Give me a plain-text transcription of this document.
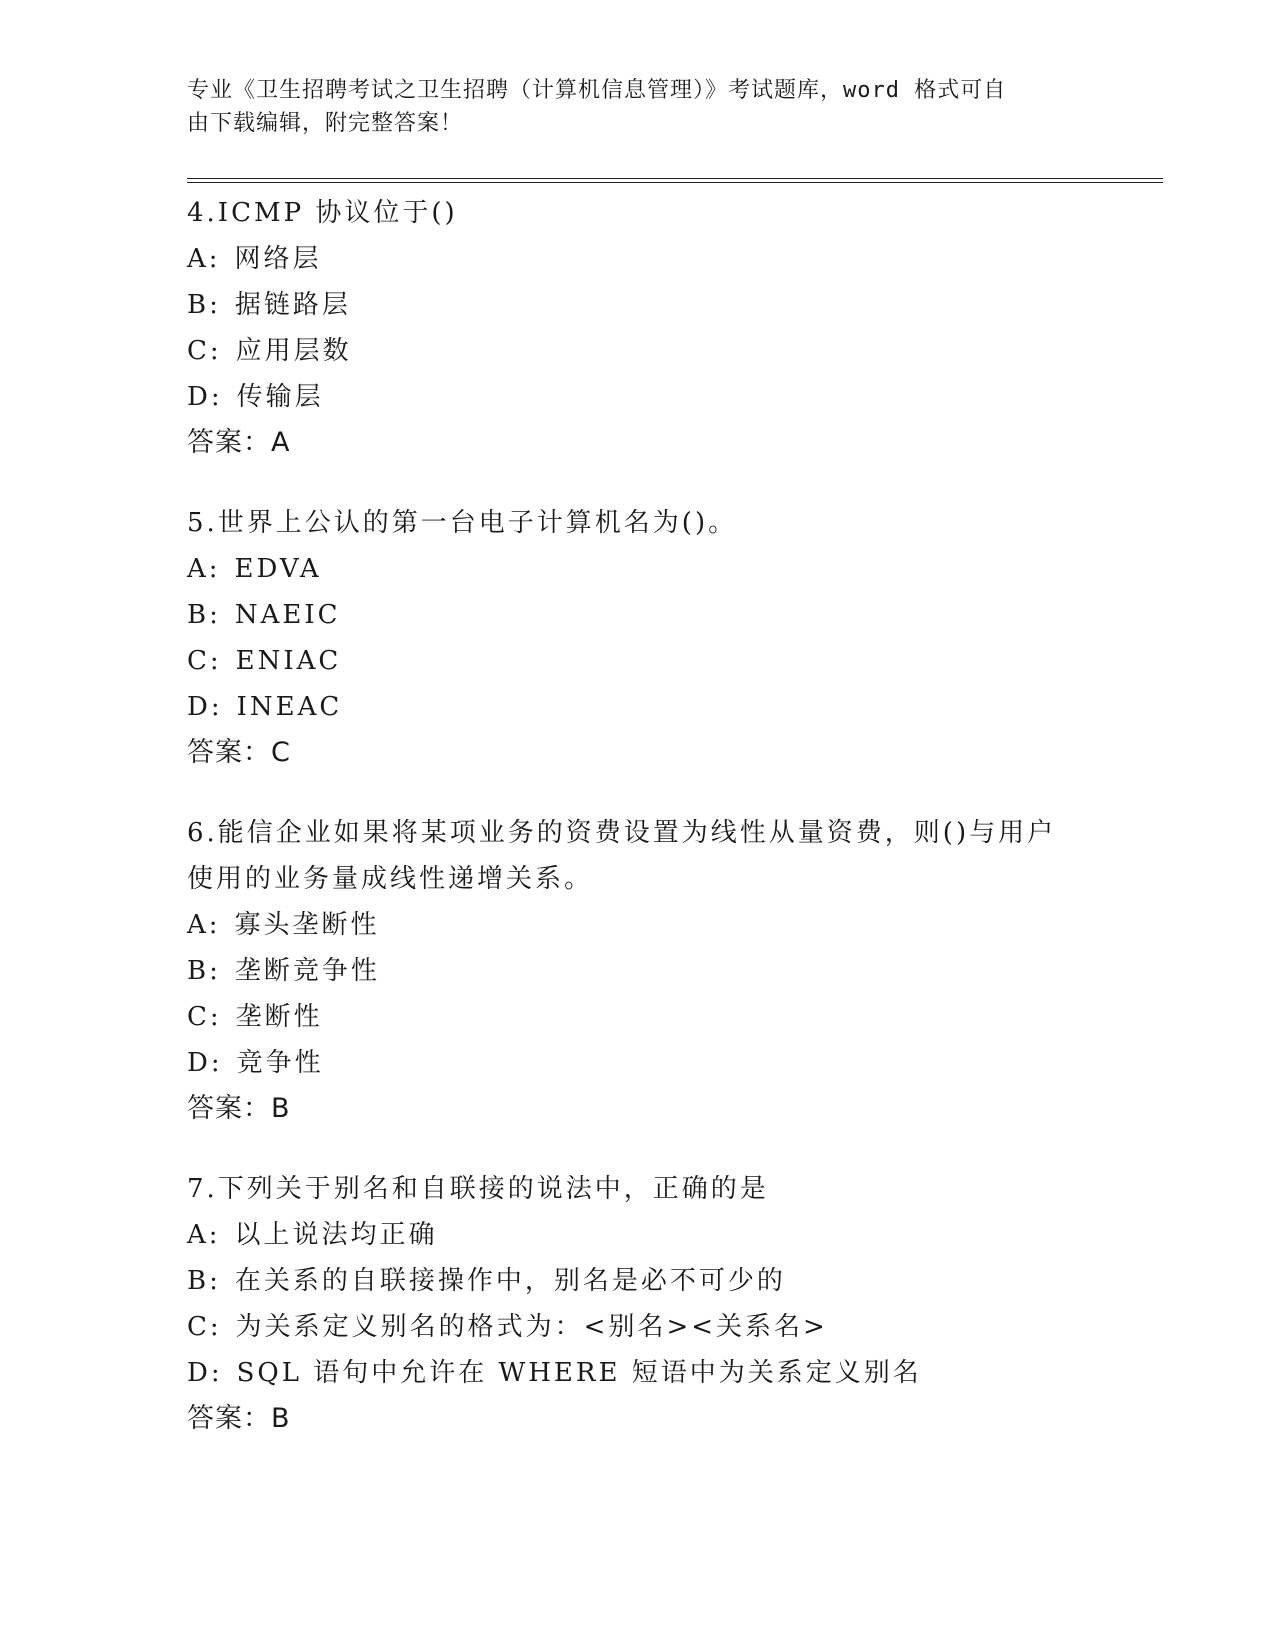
专业《卫生招聘考试之卫生招聘（计算机信息管理）》考试题库，word 格式可自
由下载编辑，附完整答案！
4.ICMP 协议位于()
A: 网络层
B: 据链路层
C: 应用层数
D: 传输层
答案：A
5.世界上公认的第一台电子计算机名为()。
A: EDVA
B: NAEIC
C: ENIAC
D: INEAC
答案：C
6.能信企业如果将某项业务的资费设置为线性从量资费，则()与用户
使用的业务量成线性递增关系。
A: 寡头垄断性
B: 垄断竞争性
C: 垄断性
D: 竞争性
答案：B
7.下列关于别名和自联接的说法中，正确的是
A: 以上说法均正确
B: 在关系的自联接操作中，别名是必不可少的
C: 为关系定义别名的格式为：<别名><关系名>
D: SQL 语句中允许在 WHERE 短语中为关系定义别名
答案：B
